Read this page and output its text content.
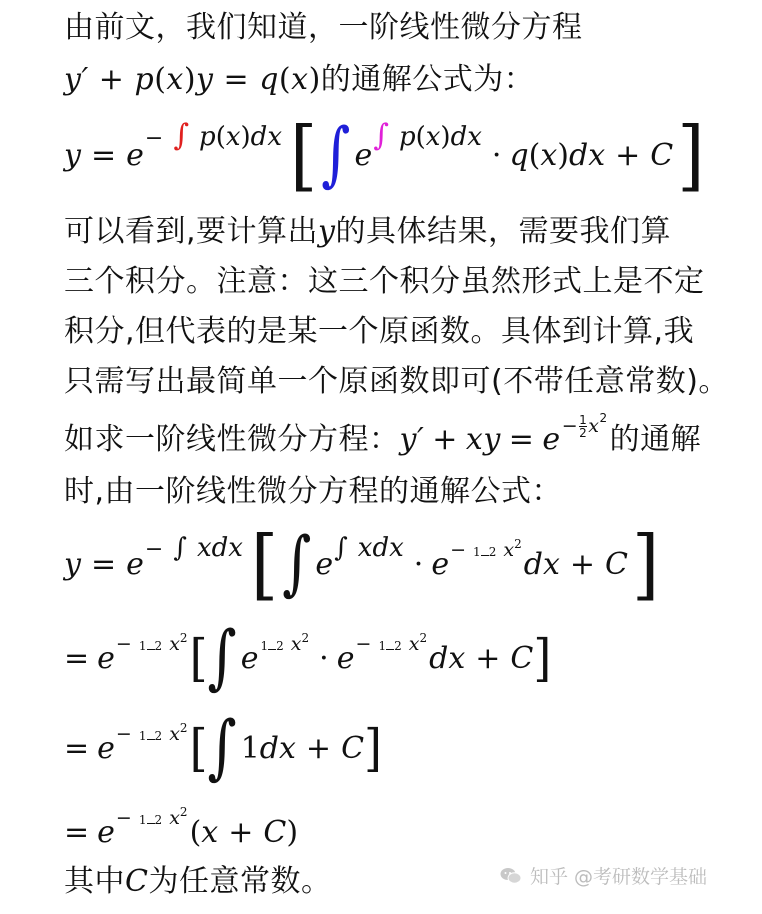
由前文，我们知道，一阶线性微分方程
y′ + p(x)y = q(x)的通解公式为：
y = e − ∫ p(x)dx [ ∫ e
∫ p(x)dx
· q ( x ) dx + C ]
可以看到,要计算出y的具体结果，需要我们算
三个积分。注意：这三个积分虽然形式上是不定
积分,但代表的是某一个原函数。具体到计算,我
只需写出最简单一个原函数即可(不带任意常数)。
如求一阶线性微分方程： y′ + xy = $e - \frac{1}{2}$ x 2
的通解
时,由一阶线性微分方程的通解公式：
y = e − ∫ xdx [ ∫ e ∫ xdx · e − 1 2 x2
dx + C ]
= e − 1 2 x2 [ ∫ e 1 2 x2
· e − 1 2 x2
dx + C ]
= e − 1 2 x2 [ ∫ 1 dx + C ]
= e − 1 2 x2
( x + C )
其中C为任意常数。	知乎 @考研数学基础
